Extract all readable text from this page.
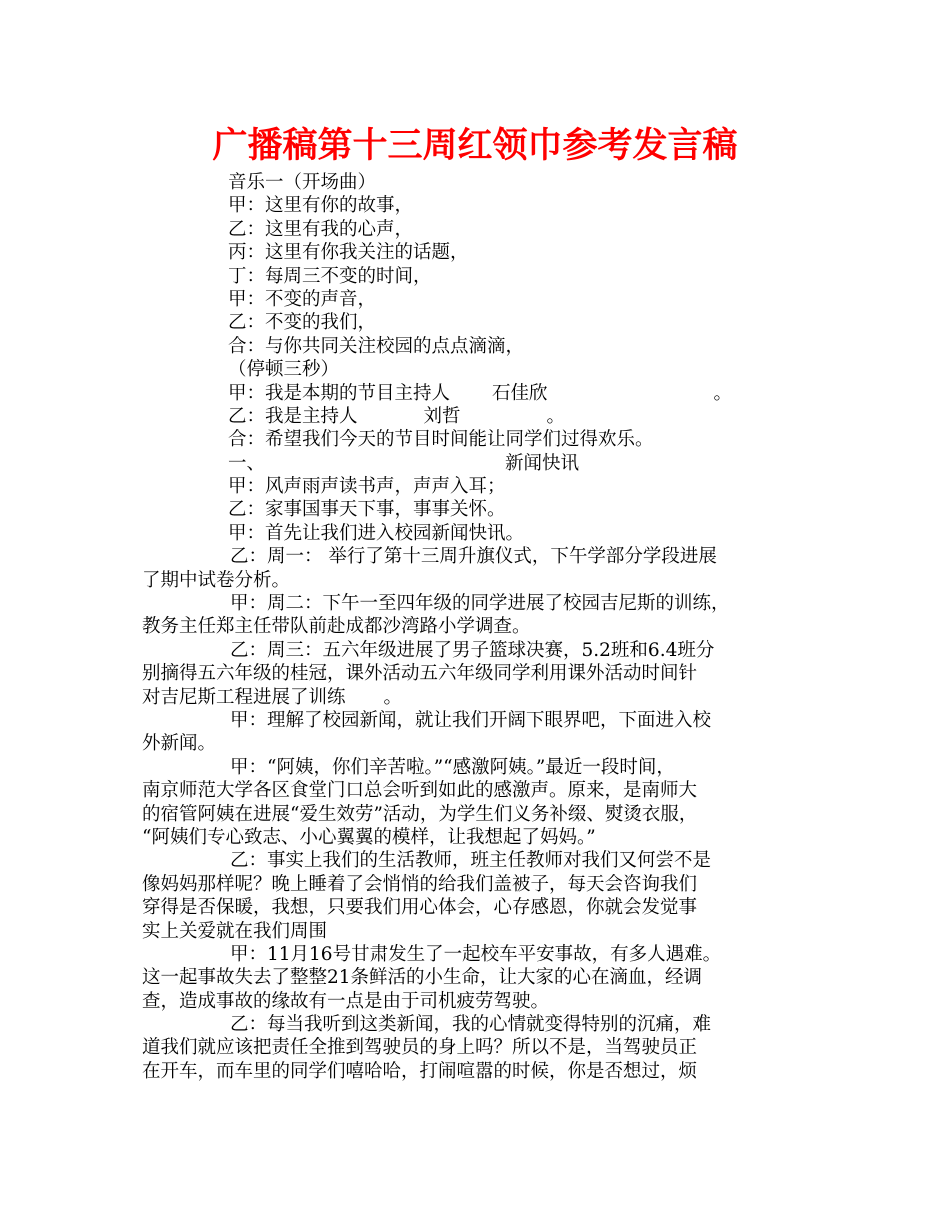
广播稿第十三周红领巾参考发言稿
音乐一（开场曲）
甲：这里有你的故事，
乙：这里有我的心声，
丙：这里有你我关注的话题，
丁：每周三不变的时间，
甲：不变的声音，
乙：不变的我们，
合：与你共同关注校园的点点滴滴，
（停顿三秒）
甲：我是本期的节目主持人 石佳欣	。
乙：我是主持人	刘哲	。
合：希望我们今天的节目时间能让同学们过得欢乐。
一、	新闻快讯
甲：风声雨声读书声，声声入耳；
乙：家事国事天下事，事事关怀。
甲：首先让我们进入校园新闻快讯。
乙：周一： 举行了第十三周升旗仪式，下午学部分学段进展
了期中试卷分析。
甲：周二：下午一至四年级的同学进展了校园吉尼斯的训练，
教务主任郑主任带队前赴成都沙湾路小学调查。
乙：周三：五六年级进展了男子篮球决赛，5.2班和6.4班分
别摘得五六年级的桂冠，课外活动五六年级同学利用课外活动时间针
对吉尼斯工程进展了训练 。
甲：理解了校园新闻，就让我们开阔下眼界吧，下面进入校
外新闻。
甲：“阿姨，你们辛苦啦。”“感激阿姨。”最近一段时间，
南京师范大学各区食堂门口总会听到如此的感激声。原来，是南师大
的宿管阿姨在进展“爱生效劳”活动，为学生们义务补缀、熨烫衣服，
“阿姨们专心致志、小心翼翼的模样，让我想起了妈妈。”
乙：事实上我们的生活教师，班主任教师对我们又何尝不是
像妈妈那样呢？晚上睡着了会悄悄的给我们盖被子，每天会咨询我们
穿得是否保暖，我想，只要我们用心体会，心存感恩，你就会发觉事
实上关爱就在我们周围
甲：11月16号甘肃发生了一起校车平安事故，有多人遇难。
这一起事故失去了整整21条鲜活的小生命，让大家的心在滴血，经调
查，造成事故的缘故有一点是由于司机疲劳驾驶。
乙：每当我听到这类新闻，我的心情就变得特别的沉痛，难
道我们就应该把责任全推到驾驶员的身上吗？所以不是，当驾驶员正
在开车，而车里的同学们嘻哈哈，打闹喧嚣的时候，你是否想过，烦
